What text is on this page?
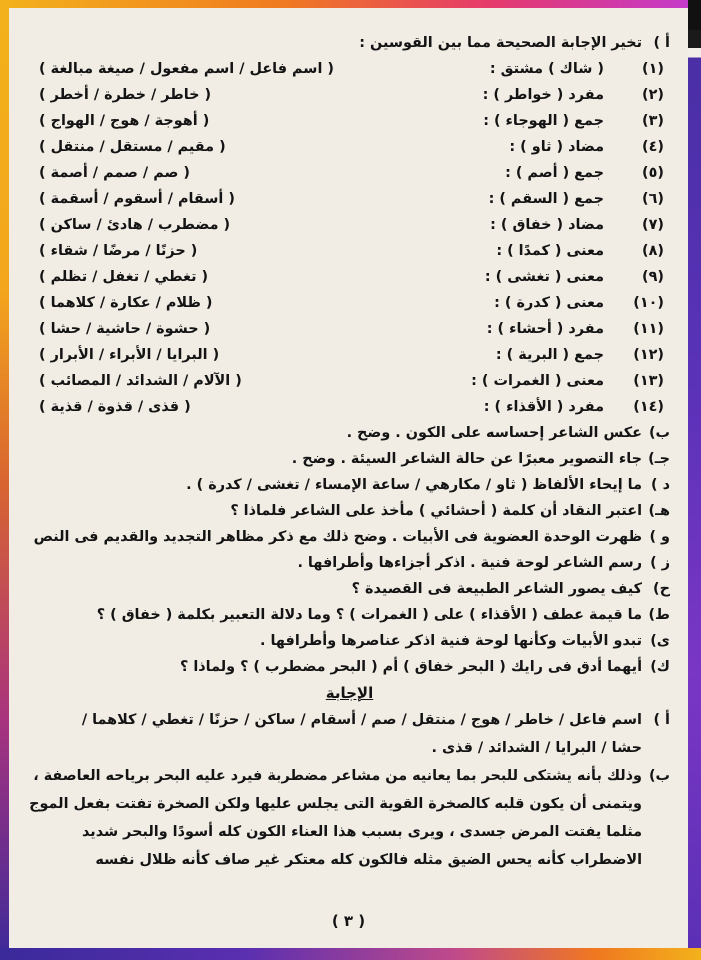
أ )
تخير الإجابة الصحيحة مما بين القوسين :
(١)
( شاك ) مشتق :
( اسم فاعل / اسم مفعول / صيغة مبالغة )
(٢)
مفرد ( خواطر ) :
( خاطر / خطرة / أخطر )
(٣)
جمع ( الهوجاء ) :
( أهوجة / هوج / الهواج )
(٤)
مضاد ( ثاو ) :
( مقيم / مستقل / منتقل )
(٥)
جمع ( أصم ) :
( صم / صمم / أصمة )
(٦)
جمع ( السقم ) :
( أسقام / أسقوم / أسقمة )
(٧)
مضاد ( خفاق ) :
( مضطرب / هادئ / ساكن )
(٨)
معنى ( كمدًا ) :
( حزنًا / مرضًا / شقاء )
(٩)
معنى ( تغشى ) :
( تغطي / تغفل / تظلم )
(١٠)
معنى ( كدرة ) :
( ظلام / عكارة / كلاهما )
(١١)
مفرد ( أحشاء ) :
( حشوة / حاشية / حشا )
(١٢)
جمع ( البرية ) :
( البرايا / الأبراء / الأبرار )
(١٣)
معنى ( الغمرات ) :
( الآلام / الشدائد / المصائب )
(١٤)
مفرد ( الأقذاء ) :
( قذى / قذوة / قذية )
ب)
عكس الشاعر إحساسه على الكون . وضح .
جـ)
جاء التصوير معبرًا عن حالة الشاعر السيئة . وضح .
د )
ما إيحاء الألفاظ ( ثاو / مكارهي / ساعة الإمساء / تغشى / كدرة ) .
هـ)
اعتبر النقاد أن كلمة ( أحشائي ) مأخذ على الشاعر فلماذا ؟
و )
ظهرت الوحدة العضوية فى الأبيات . وضح ذلك مع ذكر مظاهر التجديد والقديم فى النص
ز )
رسم الشاعر لوحة فنية . اذكر أجزاءها وأطرافها .
ح)
كيف يصور الشاعر الطبيعة فى القصيدة ؟
ط)
ما قيمة عطف ( الأقذاء ) على ( الغمرات ) ؟ وما دلالة التعبير بكلمة ( خفاق ) ؟
ى)
تبدو الأبيات وكأنها لوحة فنية اذكر عناصرها وأطرافها .
ك)
أيهما أدق فى رايك ( البحر خفاق ) أم ( البحر مضطرب ) ؟ ولماذا ؟
الإجابة
أ )
اسم فاعل / خاطر / هوج / منتقل / صم / أسقام / ساكن / حزنًا / تغطي / كلاهما /
حشا / البرايا / الشدائد / قذى .
ب)
وذلك بأنه يشتكى للبحر بما يعانيه من مشاعر مضطربة فيرد عليه البحر برياحه العاصفة ،
ويتمنى أن يكون قلبه كالصخرة القوية التى يجلس عليها ولكن الصخرة تفتت بفعل الموج
مثلما يفتت المرض جسدى ، ويرى بسبب هذا العناء الكون كله أسودًا والبحر شديد
الاضطراب كأنه يحس الضيق مثله فالكون كله معتكر غير صاف كأنه ظلال نفسه
( ٣ )
